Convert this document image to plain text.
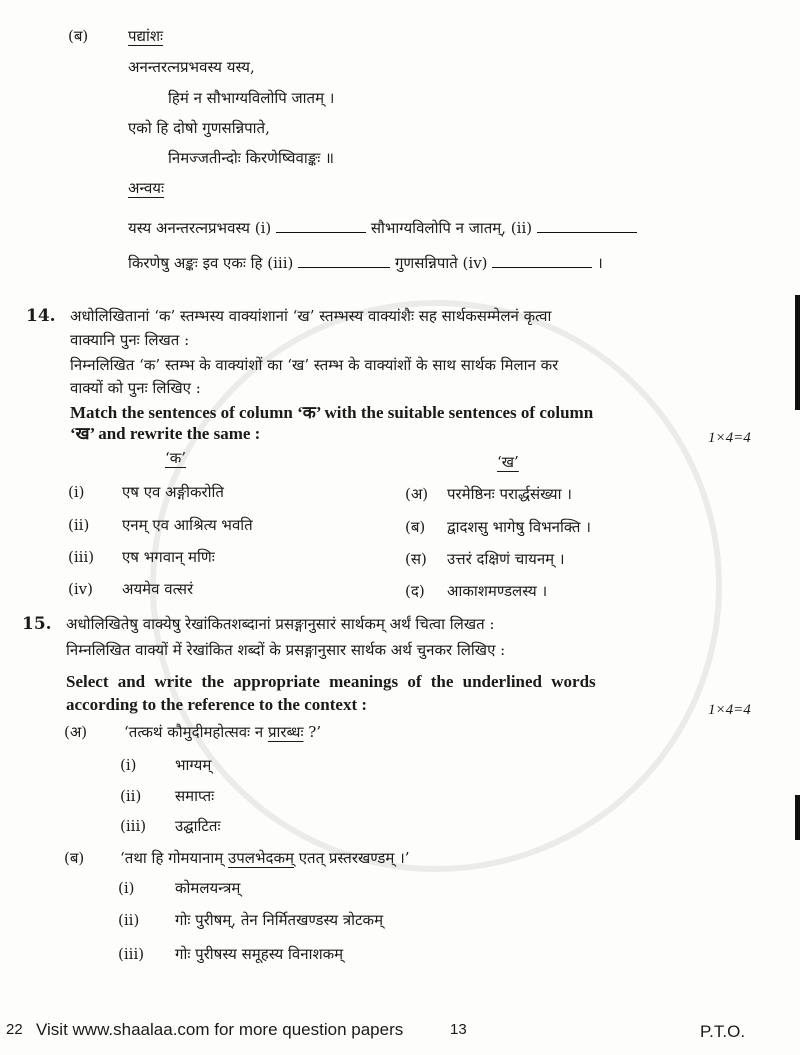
(ब)	पद्यांशः
अनन्तरत्नप्रभवस्य यस्य,
हिमं न सौभाग्यविलोपि जातम् ।
एको हि दोषो गुणसन्निपाते,
निमज्जतीन्दोः किरणेष्विवाङ्कः ॥
अन्वयः
यस्य अनन्तरत्नप्रभवस्य (i)	सौभाग्यविलोपि न जातम्, (ii)
किरणेषु अङ्कः इव एकः हि (iii)	गुणसन्निपाते (iv)	।
14. अधोलिखितानां ‘क’ स्तम्भस्य वाक्यांशानां ‘ख’ स्तम्भस्य वाक्यांशैः सह सार्थकसम्मेलनं कृत्वा
वाक्यानि पुनः लिखत :
निम्नलिखित ‘क’ स्तम्भ के वाक्यांशों का ‘ख’ स्तम्भ के वाक्यांशों के साथ सार्थक मिलान कर
वाक्यों को पुनः लिखिए :
Match the sentences of column ‘क’ with the suitable sentences of column
‘ख’ and rewrite the same :	1×4=4
‘क’	‘ख’
(i) एष एव अङ्गीकरोति	(अ) परमेष्ठिनः परार्द्धसंख्या ।
(ii) एनम् एव आश्रित्य भवति	(ब) द्वादशसु भागेषु विभनक्ति ।
(iii) एष भगवान् मणिः	(स) उत्तरं दक्षिणं चायनम् ।
(iv) अयमेव वत्सरं	(द) आकाशमण्डलस्य ।
15. अधोलिखितेषु वाक्येषु रेखांकितशब्दानां प्रसङ्गानुसारं सार्थकम् अर्थं चित्वा लिखत :
निम्नलिखित वाक्यों में रेखांकित शब्दों के प्रसङ्गानुसार सार्थक अर्थ चुनकर लिखिए :
Select and write the appropriate meanings of the underlined words
according to the reference to the context :	1×4=4
(अ) ‘तत्कथं कौमुदीमहोत्सवः न प्रारब्धः ?’
(i)	भाग्यम्
(ii) समाप्तः
(iii) उद्घाटितः
(ब) ‘तथा हि गोमयानाम् उपलभेदकम् एतत् प्रस्तरखण्डम् ।’
(i)	कोमलयन्त्रम्
(ii) गोः पुरीषम्, तेन निर्मितखण्डस्य त्रोटकम्
(iii) गोः पुरीषस्य समूहस्य विनाशकम्
22 Visit www.shaalaa.com for more question papers	13	P.T.O.
